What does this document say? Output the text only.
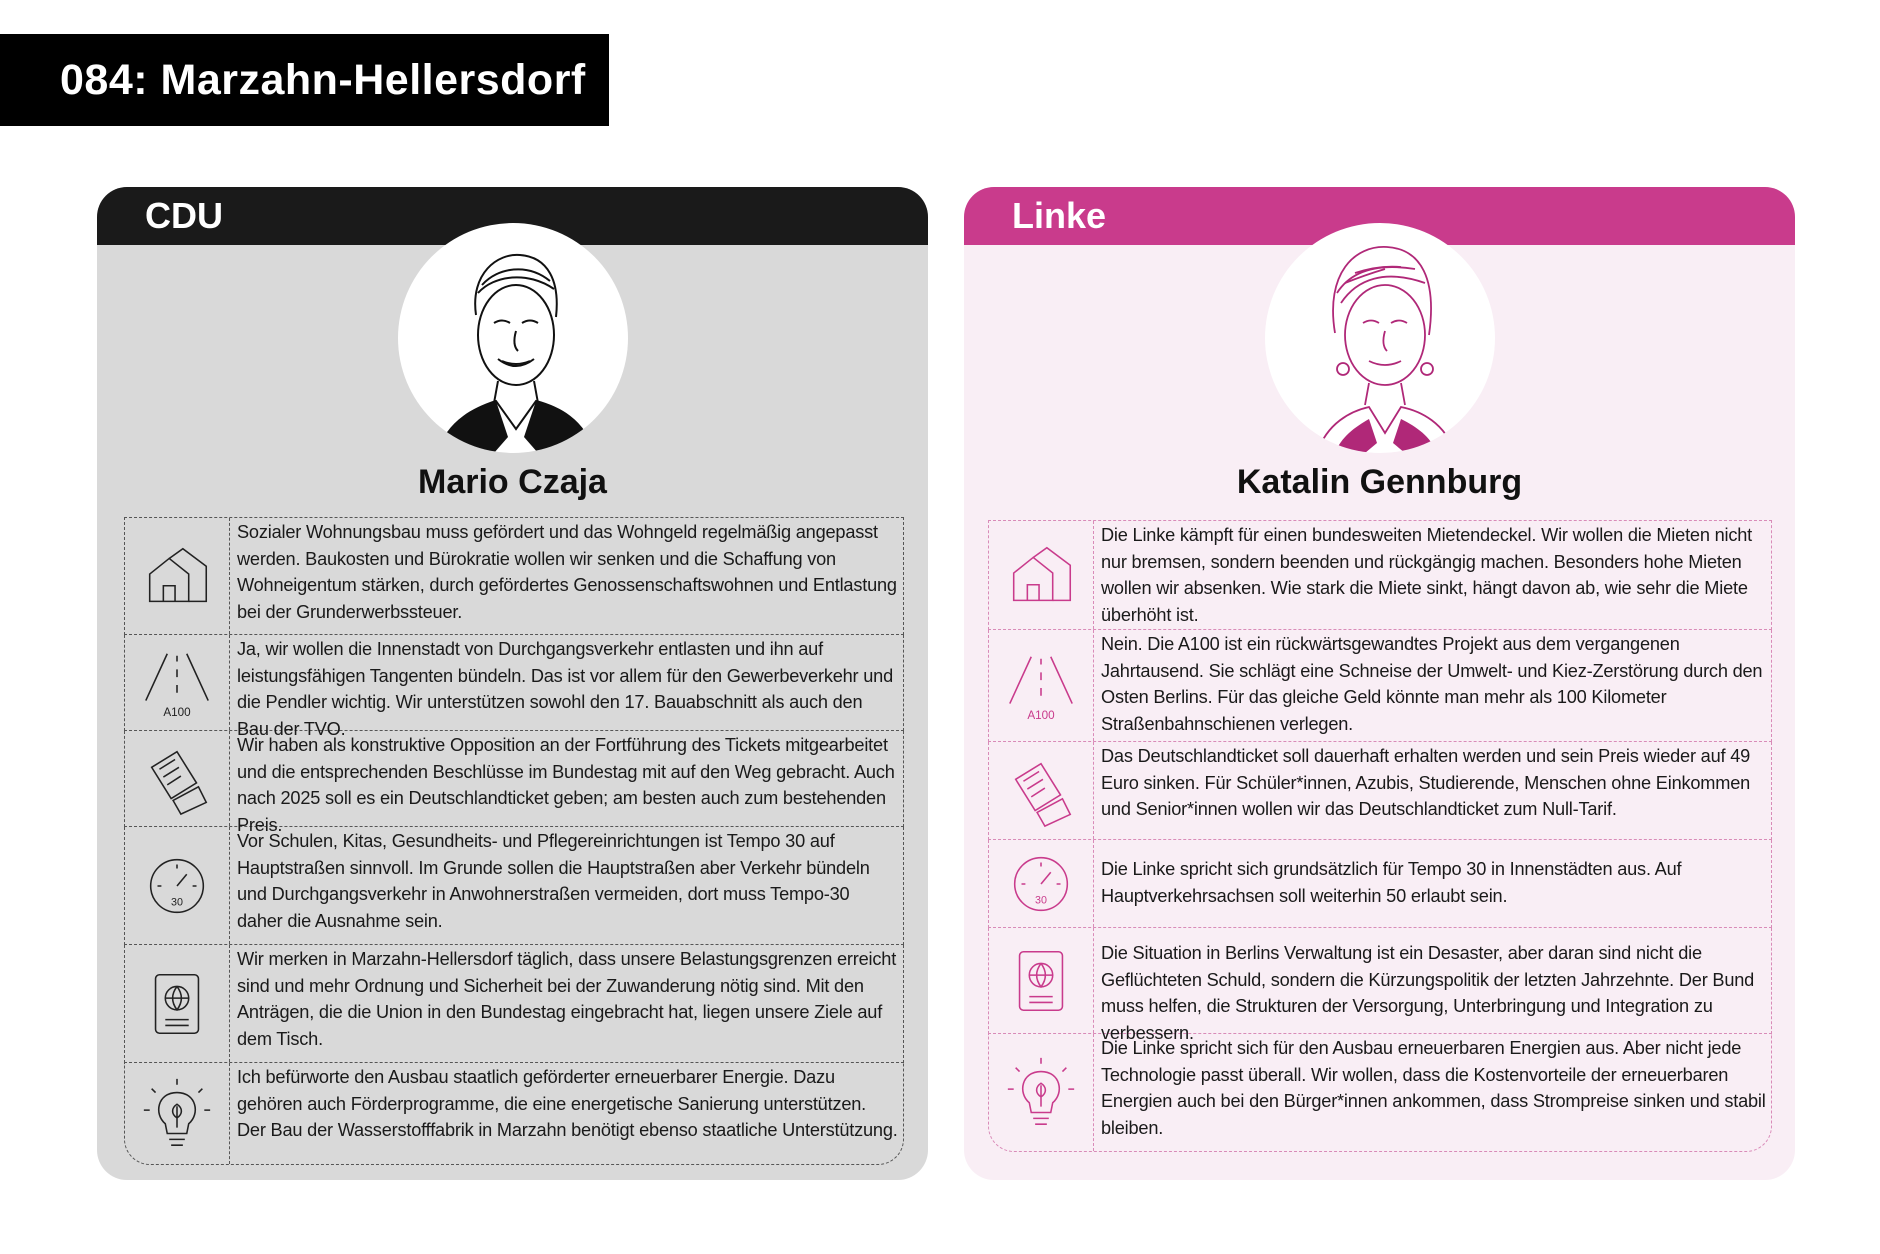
084: Marzahn-Hellersdorf
CDU
Mario Czaja
Sozialer Wohnungsbau muss gefördert und das Wohngeld regelmäßig angepasst werden. Baukosten und Bürokratie wollen wir senken und die Schaffung von Wohneigentum stärken, durch gefördertes Genossenschaftswohnen und Entlastung bei der Grunderwerbssteuer.
A100
Ja, wir wollen die Innenstadt von Durchgangsverkehr entlasten und ihn auf leistungsfähigen Tangenten bündeln. Das ist vor allem für den Gewerbeverkehr und die Pendler wichtig. Wir unterstützen sowohl den 17. Bauabschnitt als auch den Bau der TVO.
Wir haben als konstruktive Opposition an der Fortführung des Tickets mitgearbeitet und die entsprechenden Beschlüsse im Bundestag mit auf den Weg gebracht. Auch nach 2025 soll es ein Deutschlandticket geben; am besten auch zum bestehenden Preis.
30
Vor Schulen, Kitas, Gesundheits- und Pflegereinrichtungen ist Tempo 30 auf Hauptstraßen sinnvoll. Im Grunde sollen die Hauptstraßen aber Verkehr bündeln und Durchgangsverkehr in Anwohnerstraßen vermeiden, dort muss Tempo-30 daher die Ausnahme sein.
Wir merken in Marzahn-Hellersdorf täglich, dass unsere Belastungsgrenzen erreicht sind und mehr Ordnung und Sicherheit bei der Zuwanderung nötig sind. Mit den Anträgen, die die Union in den Bundestag eingebracht hat, liegen unsere Ziele auf dem Tisch.
Ich befürworte den Ausbau staatlich geförderter erneuerbarer Energie. Dazu gehören auch Förderprogramme, die eine energetische Sanierung unterstützen. Der Bau der Wasserstofffabrik in Marzahn benötigt ebenso staatliche Unterstützung.
Linke
Katalin Gennburg
Die Linke kämpft für einen bundesweiten Mietendeckel. Wir wollen die Mieten nicht nur bremsen, sondern beenden und rückgängig machen. Besonders hohe Mieten wollen wir absenken. Wie stark die Miete sinkt, hängt davon ab, wie sehr die Miete überhöht ist.
A100
Nein. Die A100 ist ein rückwärtsgewandtes Projekt aus dem vergangenen Jahrtausend. Sie schlägt eine Schneise der Umwelt- und Kiez-Zerstörung durch den Osten Berlins. Für das gleiche Geld könnte man mehr als 100 Kilometer Straßenbahnschienen verlegen.
Das Deutschlandticket soll dauerhaft erhalten werden und sein Preis wieder auf 49 Euro sinken. Für Schüler*innen, Azubis, Studierende, Menschen ohne Einkommen und Senior*innen wollen wir das Deutschlandticket zum Null-Tarif.
30
Die Linke spricht sich grundsätzlich für Tempo 30 in Innenstädten aus. Auf Hauptverkehrsachsen soll weiterhin 50 erlaubt sein.
Die Situation in Berlins Verwaltung ist ein Desaster, aber daran sind nicht die Geflüchteten Schuld, sondern die Kürzungspolitik der letzten Jahrzehnte. Der Bund muss helfen, die Strukturen der Versorgung, Unterbringung und Integration zu verbessern.
Die Linke spricht sich für den Ausbau erneuerbaren Energien aus. Aber nicht jede Technologie passt überall. Wir wollen, dass die Kostenvorteile der erneuerbaren Energien auch bei den Bürger*innen ankommen, dass Strompreise sinken und stabil bleiben.
